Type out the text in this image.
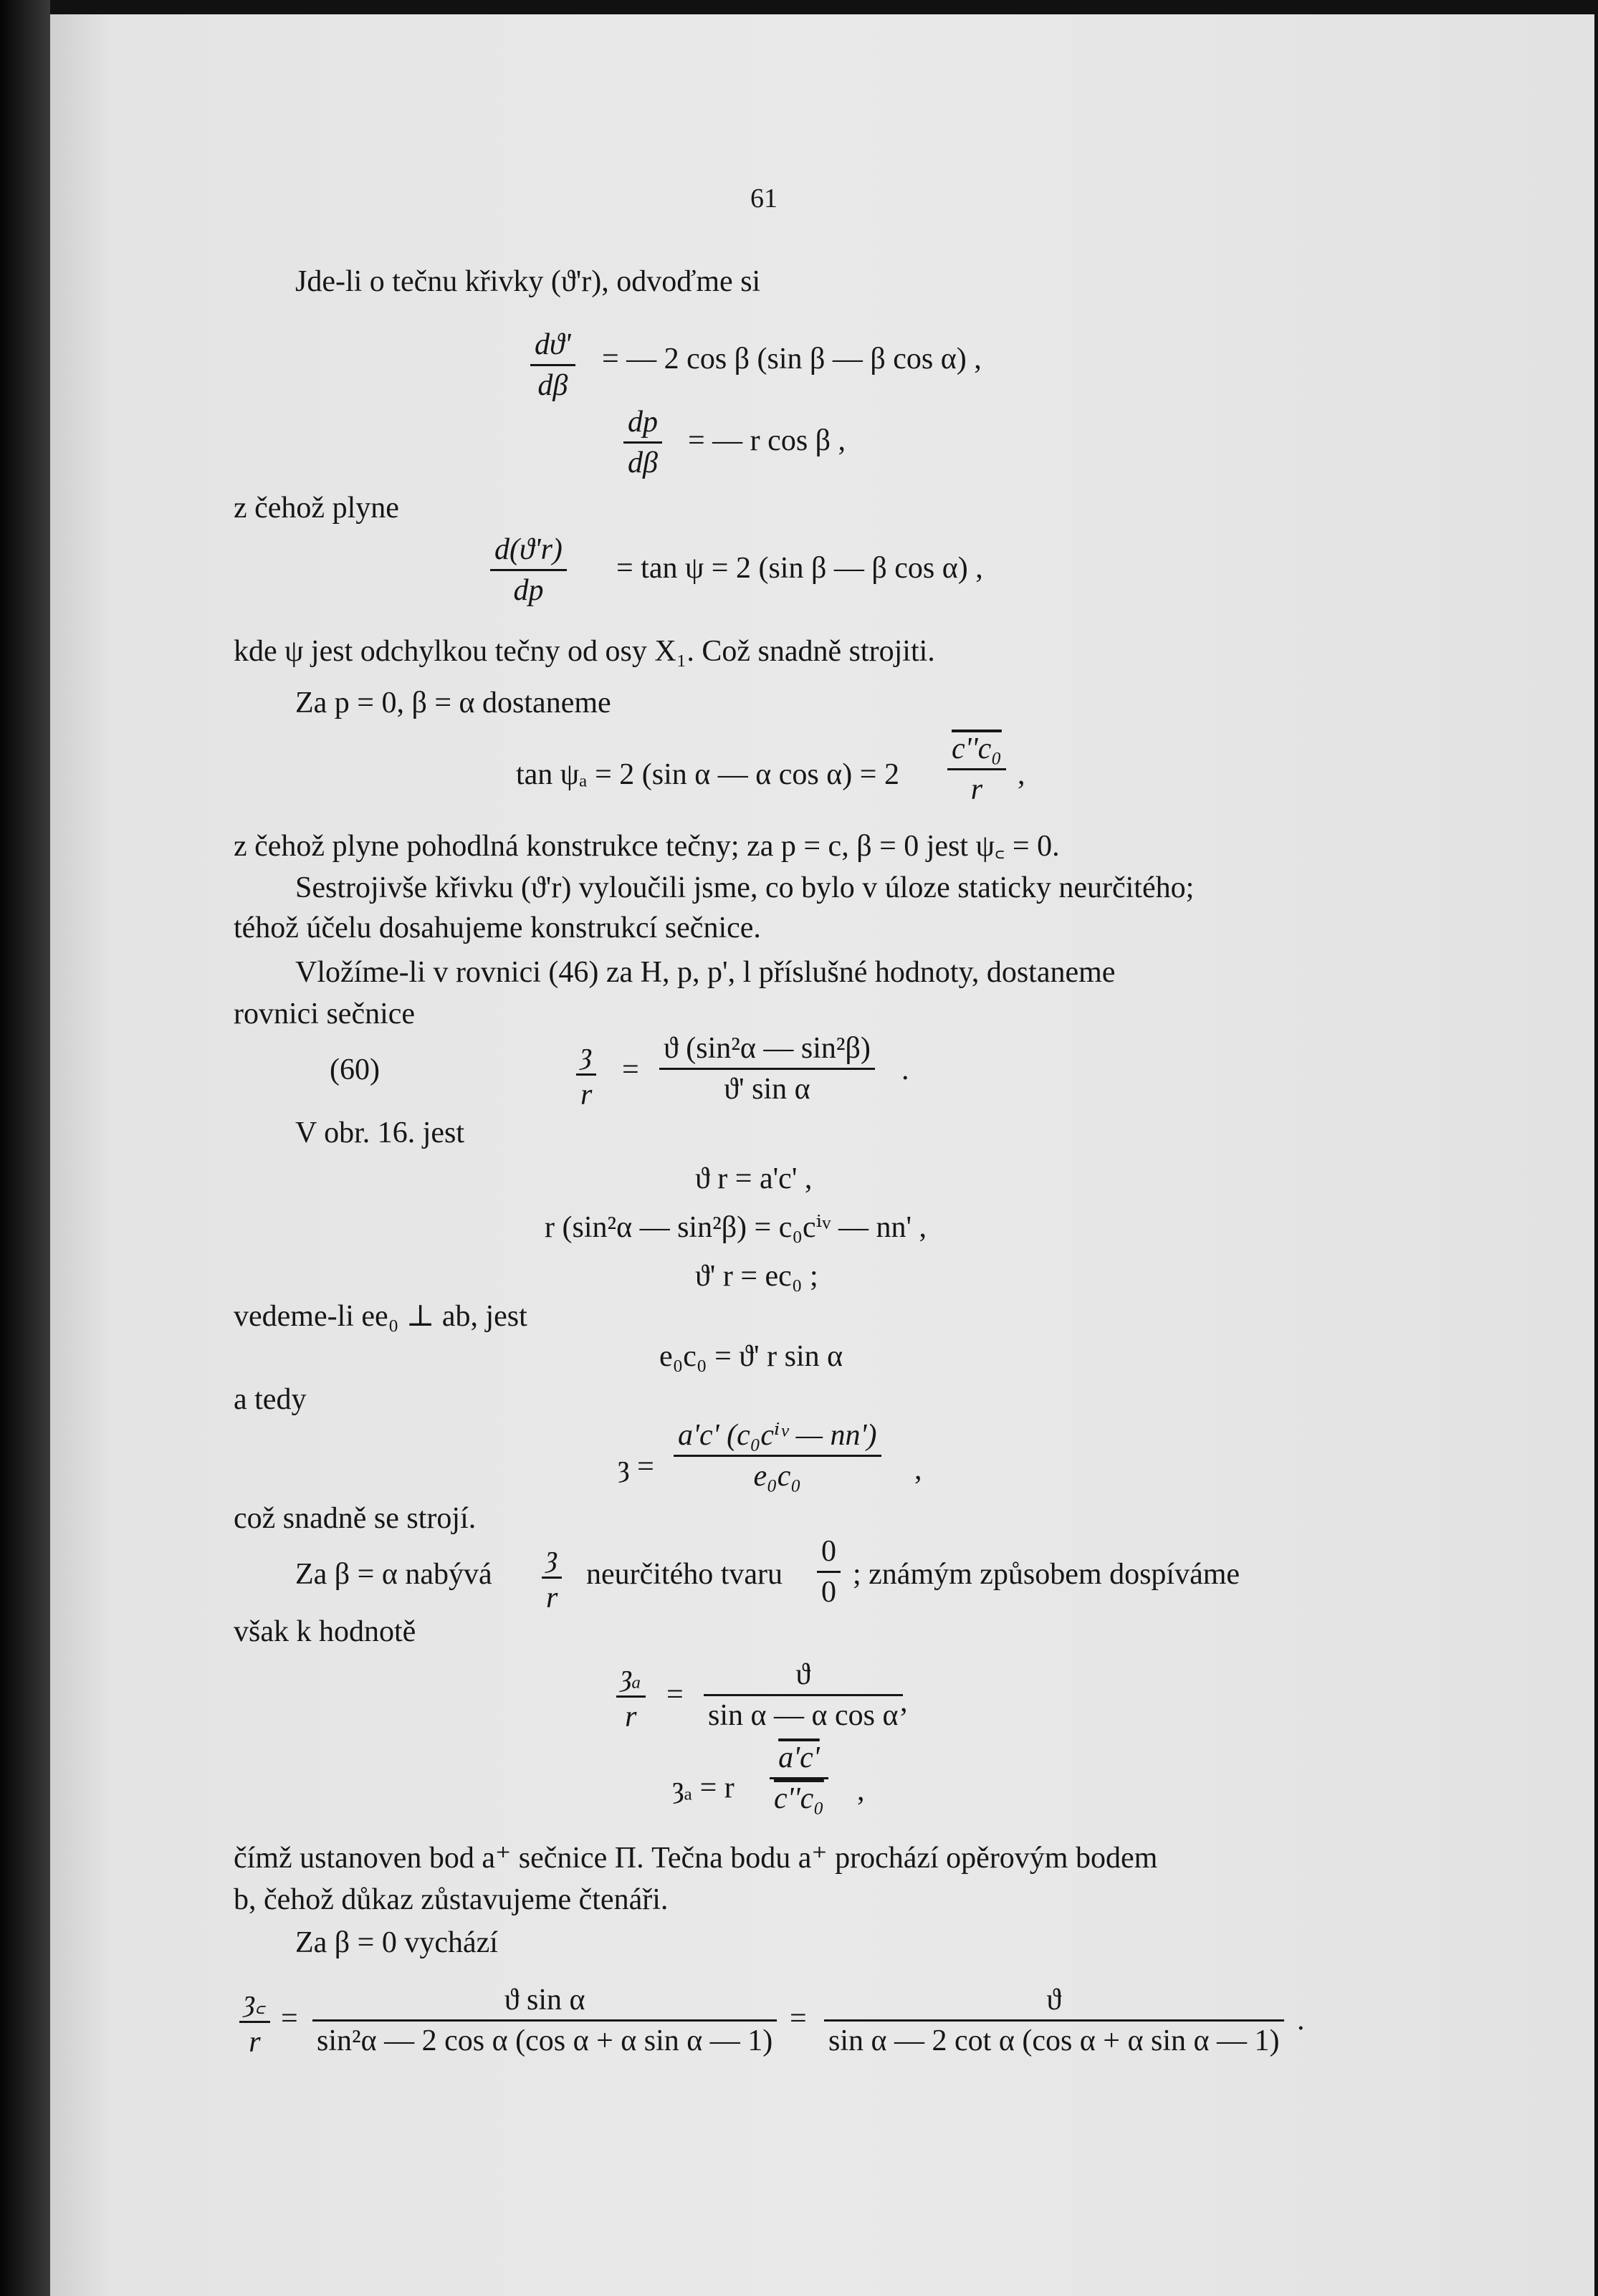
61
Jde-li o tečnu křivky (ϑ'r), odvoďme si
dϑ'
dβ
= — 2 cos β (sin β — β cos α) ,
dp
dβ
= — r cos β ,
z čehož plyne
d(ϑ'r)
dp
= tan ψ = 2 (sin β — β cos α) ,
kde ψ jest odchylkou tečny od osy X₁. Což snadně strojiti.
Za p = 0, β = α dostaneme
tan ψₐ = 2 (sin α — α cos α) = 2
c''c₀
r ,
z čehož plyne pohodlná konstrukce tečny; za p = c, β = 0 jest ψ꜀ = 0.
Sestrojivše křivku (ϑ'r) vyloučili jsme, co bylo v úloze staticky neurčitého;
téhož účelu dosahujeme konstrukcí sečnice.
Vložíme-li v rovnici (46) za H, p, p', l příslušné hodnoty, dostaneme
rovnici sečnice
(60)	ȝ
r
=
ϑ (sin²α — sin²β)
ϑ' sin α
.
V obr. 16. jest
ϑ r = a'c' ,
r (sin²α — sin²β) = c₀cⁱᵛ — nn' ,
ϑ' r = ec₀ ;
vedeme-li ee₀ ⊥ ab, jest
e₀c₀ = ϑ' r sin α
a tedy
ȝ =
a'c' (c₀cⁱᵛ — nn')
e₀c₀	,
což snadně se strojí.
Za β = α nabývá
ȝ
r
neurčitého tvaru
0
0
; známým způsobem dospíváme
však k hodnotě
ȝₐ
r
=
ϑ
sin α — α cos α ,
ȝₐ = r $\frac{a'c'}{\text{c''c₀}}$ ,
čímž ustanoven bod a⁺ sečnice Π. Tečna bodu a⁺ prochází opěrovým bodem
b, čehož důkaz zůstavujeme čtenáři.
Za β = 0 vychází
ȝ꜀
r
=
ϑ sin α
sin²α — 2 cos α (cos α + α sin α — 1)
=
ϑ
sin α — 2 cot α (cos α + α sin α — 1)
.
